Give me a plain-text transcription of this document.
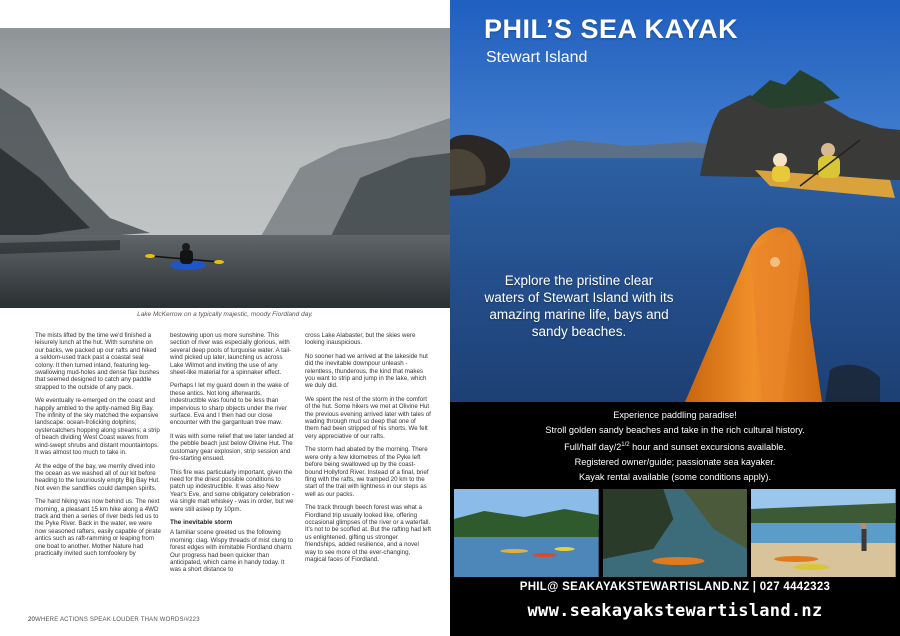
Lake McKerrow on a typically majestic, moody Fiordland day.

The mists lifted by the time we'd finished a leisurely lunch at the hut. With sunshine on our backs, we packed up our rafts and hiked a seldom-used track past a coastal seal colony. It then turned inland, featuring leg-swallowing mud-holes and dense flax bushes that seemed designed to catch any paddle strapped to the outside of any pack.

We eventually re-emerged on the coast and happily ambled to the aptly-named Big Bay. The infinity of the sky matched the expansive landscape: ocean-frolicking dolphins; oystercatchers hopping along streams; a strip of beach dividing West Coast waves from wind-swept shrubs and distant mountaintops. It was almost too much to take in.

At the edge of the bay, we merrily dived into the ocean as we washed all of our kit before heading to the luxuriously empty Big Bay Hut. Not even the sandflies could dampen spirits.

The hard hiking was now behind us. The next morning, a pleasant 15 km hike along a 4WD track and then a series of river beds led us to the Pyke River. Back in the water, we were now seasoned rafters, easily capable of pirate antics such as raft-ramming or leaping from one boat to another. Mother Nature had practically invited such tomfoolery by

bestowing upon us more sunshine. This section of river was especially glorious, with several deep pools of turquoise water. A tail-wind picked up later, launching us across Lake Wilmot and inviting the use of any sheet-like material for a spinnaker effect.

Perhaps I let my guard down in the wake of these antics. Not long afterwards, indestructible was found to be less than impervious to sharp objects under the river surface. Eva and I then had our close encounter with the gargantuan tree maw.

It was with some relief that we later landed at the pebble beach just below Olivine Hut. The customary gear explosion, strip session and fire-starting ensued.

This fire was particularly important, given the need for the driest possible conditions to patch up indestructible. It was also New Year's Eve, and some obligatory celebration - via single malt whiskey - was in order, but we were still asleep by 10pm.

The inevitable storm

A familiar scene greeted us the following morning: clag. Wispy threads of mist clung to forest edges with inimitable Fiordland charm. Our progress had been quicker than anticipated, which came in handy today. It was a short distance to

cross Lake Alabaster, but the skies were looking inauspicious.

No sooner had we arrived at the lakeside hut did the inevitable downpour unleash - relentless, thunderous, the kind that makes you want to strip and jump in the lake, which we duly did.

We spent the rest of the storm in the comfort of the hut. Some hikers we met at Olivine Hut the previous evening arrived later with tales of wading through mud so deep that one of them had been stripped of his shorts. We felt very appreciative of our rafts.

The storm had abated by the morning. There were only a few kilometres of the Pyke left before being swallowed up by the coast-bound Hollyford River. Instead of a final, brief fling with the rafts, we tramped 20 km to the start of the trail with lightness in our steps as well as our packs.

The track through beech forest was what a Fiordland trip usually looked like, offering occasional glimpses of the river or a waterfall. It's not to be scoffed at. But the rafting had left us enlightened, gifting us stronger friendships, added resilience, and a novel way to see more of the ever-changing, magical faces of Fiordland.

20WHERE ACTIONS SPEAK LOUDER THAN WORDS/#223
PHIL’S SEA KAYAK
Stewart Island
Explore the pristine clear waters of Stewart Island with its amazing marine life, bays and sandy beaches.
Experience paddling paradise!
Stroll golden sandy beaches and take in the rich cultural history.
Full/half day/$2^{1/2}$ hour and sunset excursions available.
Registered owner/guide; passionate sea kayaker.
Kayak rental available (some conditions apply).
PHIL@ SEAKAYAKSTEWARTISLAND.NZ | 027 4442323
www.seakayakstewartisland.nz
